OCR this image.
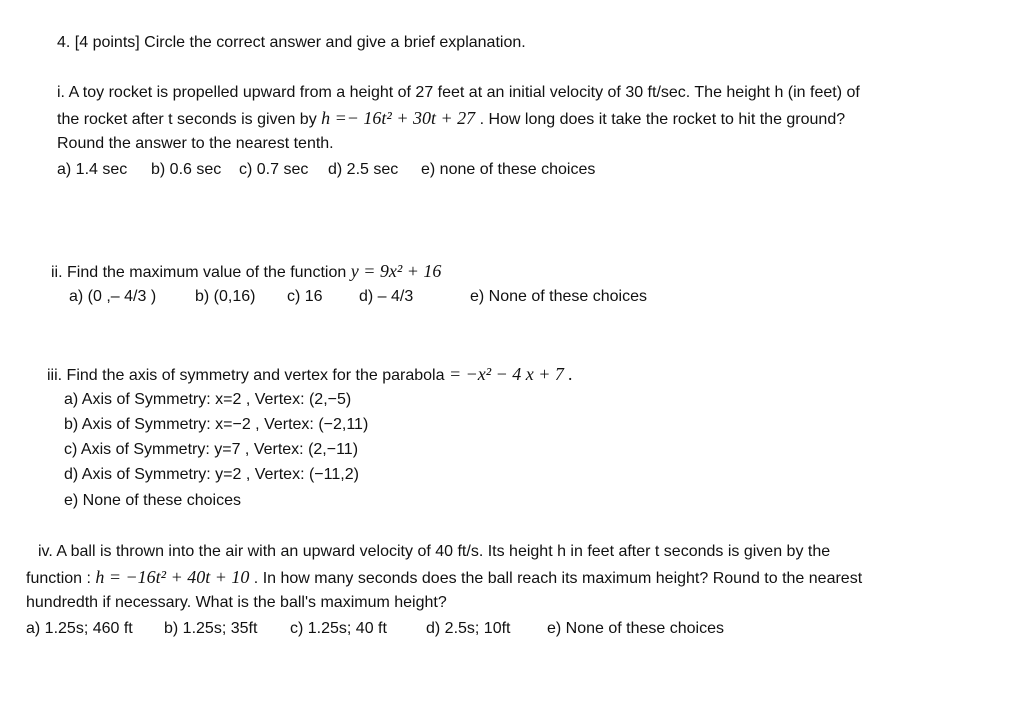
4. [4 points] Circle the correct answer and give a brief explanation.
i. A toy rocket is propelled upward from a height of 27 feet at an initial velocity of 30 ft/sec. The height h (in feet) of
the rocket after t seconds is given by h =− 16t² + 30t + 27 . How long does it take the rocket to hit the ground?
Round the answer to the nearest tenth.
a) 1.4 sec b) 0.6 sec c) 0.7 sec d) 2.5 sec e) none of these choices
ii. Find the maximum value of the function y = 9x² + 16
a) (0 ,– 4/3 ) b) (0,16) c) 16 d) – 4/3	e) None of these choices
iii. Find the axis of symmetry and vertex for the parabola = −x² − 4 x + 7 .
a) Axis of Symmetry: x=2 , Vertex: (2,−5)
b) Axis of Symmetry: x=−2 , Vertex: (−2,11)
c) Axis of Symmetry: y=7 , Vertex: (2,−11)
d) Axis of Symmetry: y=2 , Vertex: (−11,2)
e) None of these choices
iv. A ball is thrown into the air with an upward velocity of 40 ft/s. Its height h in feet after t seconds is given by the
function : h = −16t² + 40t + 10 . In how many seconds does the ball reach its maximum height? Round to the nearest
hundredth if necessary. What is the ball's maximum height?
a) 1.25s; 460 ft b) 1.25s; 35ft c) 1.25s; 40 ft d) 2.5s; 10ft e) None of these choices
